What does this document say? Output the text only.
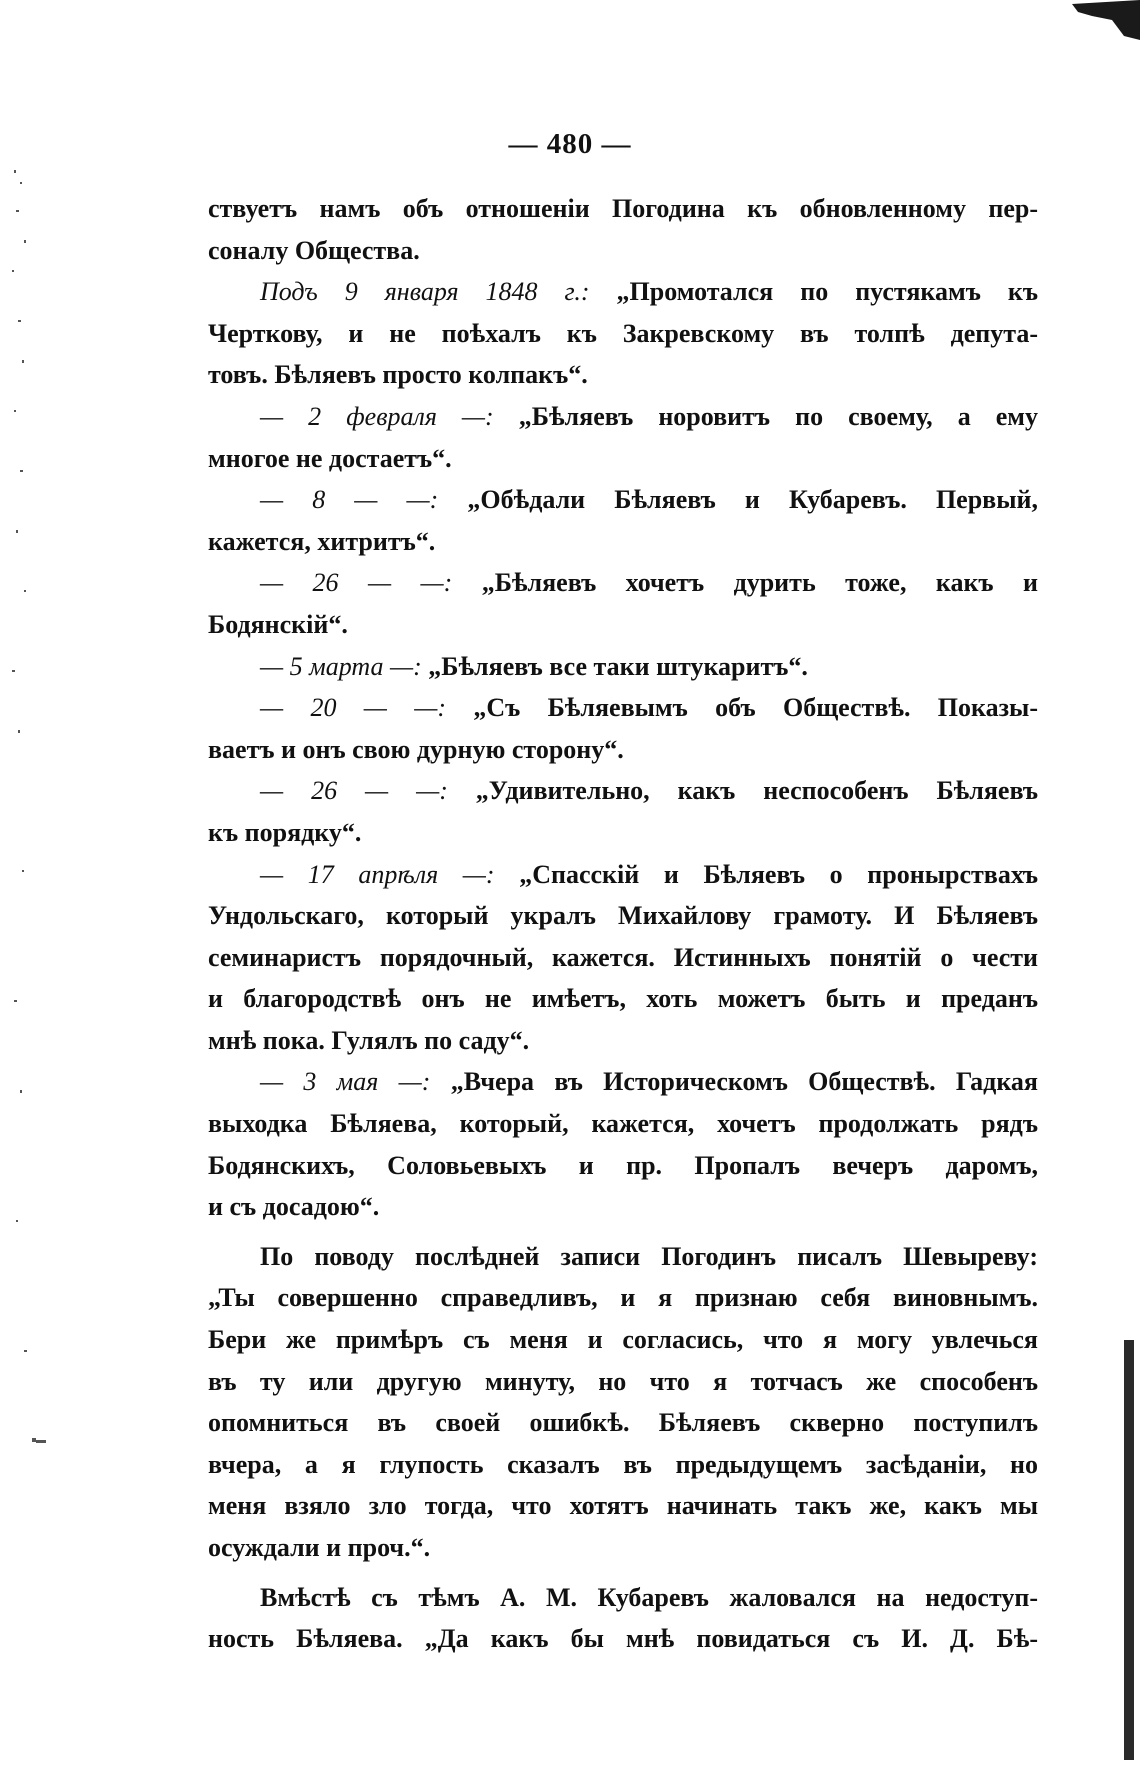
— 480 —

ствуетъ намъ объ отношенiи Погодина къ обновленному пер-

соналу Общества.

Подъ 9 января 1848 г.: „Промотался по пустякамъ къ

Черткову, и не поѣхалъ къ Закревскому въ толпѣ депута-

товъ. Бѣляевъ просто колпакъ“.

— 2 февраля —: „Бѣляевъ норовитъ по своему, а ему

многое не достаетъ“.

— 8 — —: „Обѣдали Бѣляевъ и Кубаревъ. Первый,

кажется, хитритъ“.

— 26 — —: „Бѣляевъ хочетъ дурить тоже, какъ и

Бодянскiй“.

— 5 марта —: „Бѣляевъ все таки штукаритъ“.

— 20 — —: „Съ Бѣляевымъ объ Обществѣ. Показы-

ваетъ и онъ свою дурную сторону“.

— 26 — —: „Удивительно, какъ неспособенъ Бѣляевъ

къ порядку“.

— 17 апрѣля —: „Спасскiй и Бѣляевъ о пронырствахъ

Ундольскаго, который укралъ Михайлову грамоту. И Бѣляевъ

семинаристъ порядочный, кажется. Истинныхъ понятiй о чести

и благородствѣ онъ не имѣетъ, хоть можетъ быть и преданъ

мнѣ пока. Гулялъ по саду“.

— 3 мая —: „Вчера въ Историческомъ Обществѣ. Гадкая

выходка Бѣляева, который, кажется, хочетъ продолжать рядъ

Бодянскихъ, Соловьевыхъ и пр. Пропалъ вечеръ даромъ,

и съ досадою“.

По поводу послѣдней записи Погодинъ писалъ Шевыреву:

„Ты совершенно справедливъ, и я признаю себя виновнымъ.

Бери же примѣръ съ меня и согласись, что я могу увлечься

въ ту или другую минуту, но что я тотчасъ же способенъ

опомниться въ своей ошибкѣ. Бѣляевъ скверно поступилъ

вчера, а я глупость сказалъ въ предыдущемъ засѣданiи, но

меня взяло зло тогда, что хотятъ начинать такъ же, какъ мы

осуждали и проч.“.

Вмѣстѣ съ тѣмъ А. М. Кубаревъ жаловался на недоступ-

ность Бѣляева. „Да какъ бы мнѣ повидаться съ И. Д. Бѣ-
